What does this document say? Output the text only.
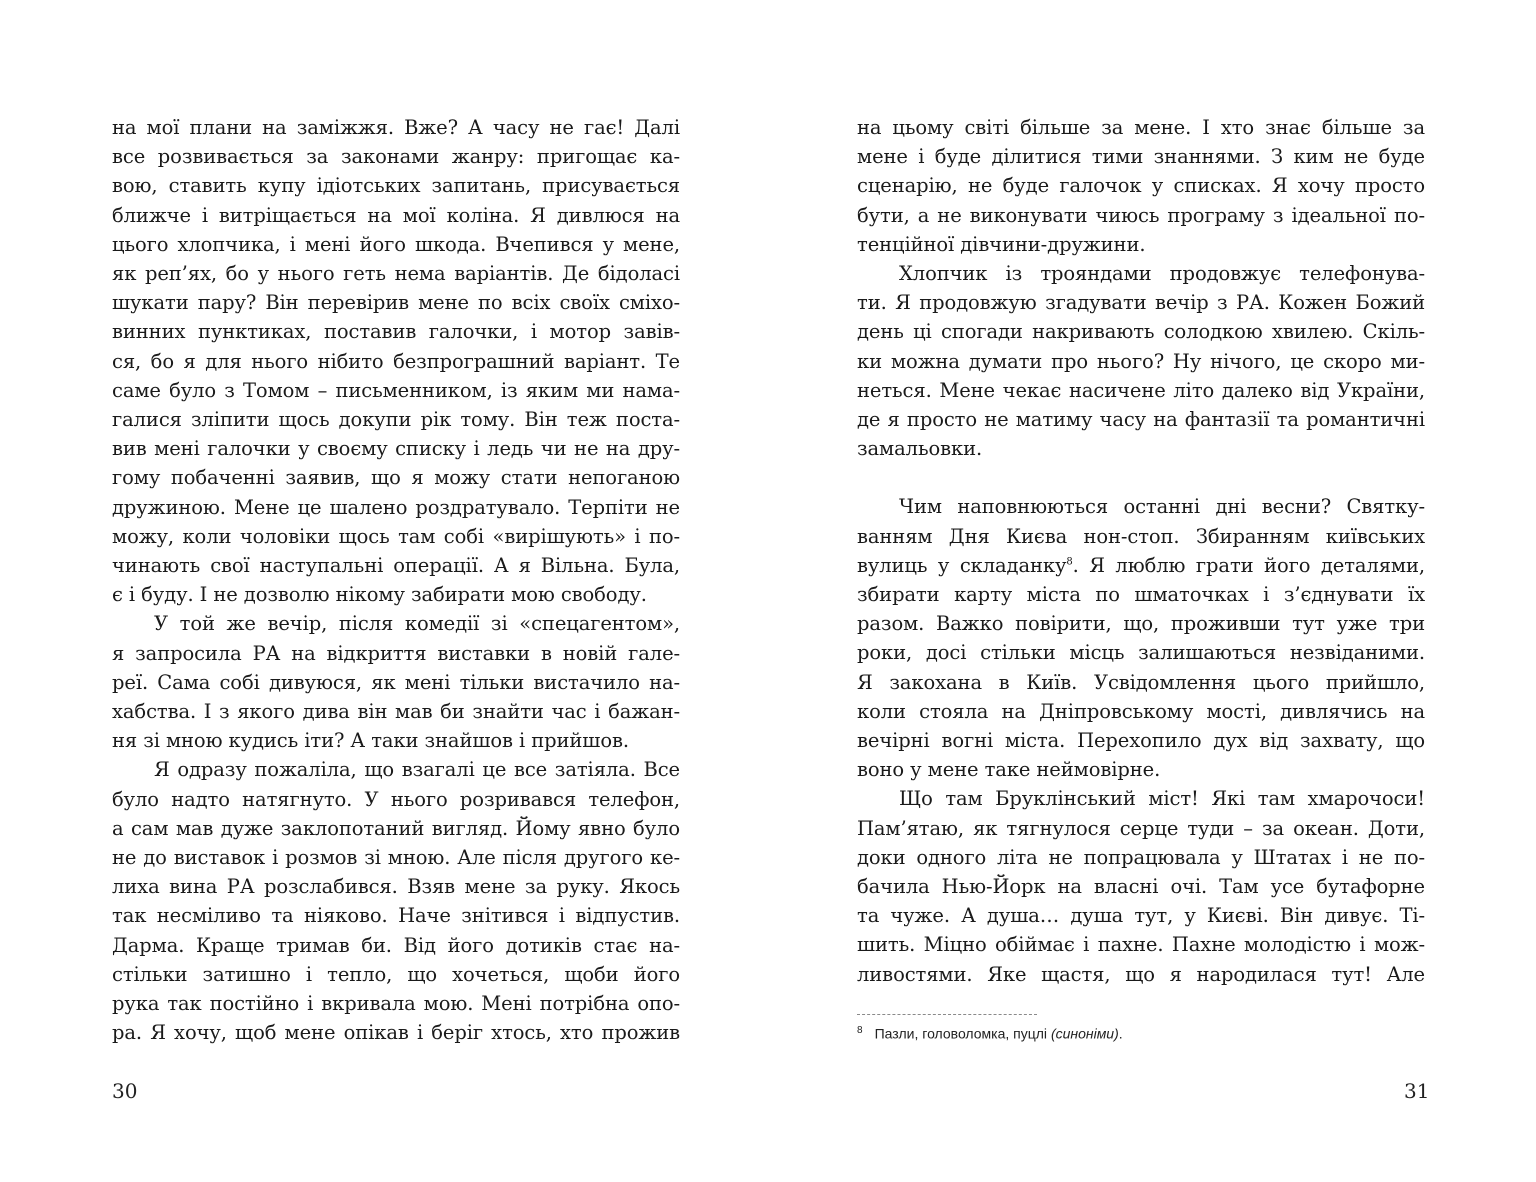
на мої плани на заміжжя. Вже? А часу не гає! Далі

все розвивається за законами жанру: пригощає ка-

вою, ставить купу ідіотських запитань, присувається

ближче і витріщається на мої коліна. Я дивлюся на

цього хлопчика, і мені його шкода. Вчепився у мене,

як реп’ях, бо у нього геть нема варіантів. Де бідоласі

шукати пару? Він перевірив мене по всіх своїх сміхо-

винних пунктиках, поставив галочки, і мотор завів-

ся, бо я для нього нібито безпрограшний варіант. Те

саме було з Томом – письменником, із яким ми нама-

галися зліпити щось докупи рік тому. Він теж поста-

вив мені галочки у своєму списку і ледь чи не на дру-

гому побаченні заявив, що я можу стати непоганою

дружиною. Мене це шалено роздратувало. Терпіти не

можу, коли чоловіки щось там собі «вирішують» і по-

чинають свої наступальні операції. А я Вільна. Була,

є і буду. І не дозволю нікому забирати мою свободу.

У той же вечір, після комедії зі «спецагентом»,

я запросила РА на відкриття виставки в новій галe-

реї. Сама собі дивуюся, як мені тільки вистачило на-

хабства. І з якого дива він мав би знайти час і бажан-

ня зі мною кудись іти? А таки знайшов і прийшов.

Я одразу пожаліла, що взагалі це все затіяла. Все

було надто натягнуто. У нього розривався телефон,

а сам мав дуже заклопотаний вигляд. Йому явно було

не до виставок і розмов зі мною. Але після другого ке-

лиха вина РА розслабився. Взяв мене за руку. Якось

так несміливо та ніяково. Наче знітився і відпустив.

Дарма. Краще тримав би. Від його дотиків стає на-

стільки затишно і тепло, що хочеться, щоби його

рука так постійно і вкривала мою. Мені потрібна опо-

ра. Я хочу, щоб мене опікав і беріг хтось, хто прожив

на цьому світі більше за мене. І хто знає більше за

мене і буде ділитися тими знаннями. З ким не буде

сценарію, не буде галочок у списках. Я хочу просто

бути, а не виконувати чиюсь програму з ідеальної по-

тенційної дівчини-дружини.

Хлопчик із трояндами продовжує телефонува-

ти. Я продовжую згадувати вечір з РА. Кожен Божий

день ці спогади накривають солодкою хвилею. Скіль-

ки можна думати про нього? Ну нічого, це скоро ми-

неться. Мене чекає насичене літо далеко від України,

де я просто не матиму часу на фантазії та романтичні

замальовки.

Чим наповнюються останні дні весни? Святку-

ванням Дня Києва нон-стоп. Збиранням київських

вулиць у складанку$^8$. Я люблю грати його деталями,

збирати карту міста по шматочках і з’єднувати їх

разом. Важко повірити, що, проживши тут уже три

роки, досі стільки місць залишаються незвіданими.

Я закохана в Київ. Усвідомлення цього прийшло,

коли стояла на Дніпровському мості, дивлячись на

вечірні вогні міста. Перехопило дух від захвату, що

воно у мене таке неймовірне.

Що там Бруклінський міст! Які там хмарочоси!

Пам’ятаю, як тягнулося серце туди – за океан. Доти,

доки одного літа не попрацювала у Штатах і не по-

бачила Нью-Йорк на власні очі. Там усе бутафорне

та чуже. А душа… душа тут, у Києві. Він дивує. Ті-

шить. Міцно обіймає і пахне. Пахне молодістю і мож-

ливостями. Яке щастя, що я народилася тут! Але

$^8$ Пазли, головоломка, пуцлі (синоніми).
30	31
